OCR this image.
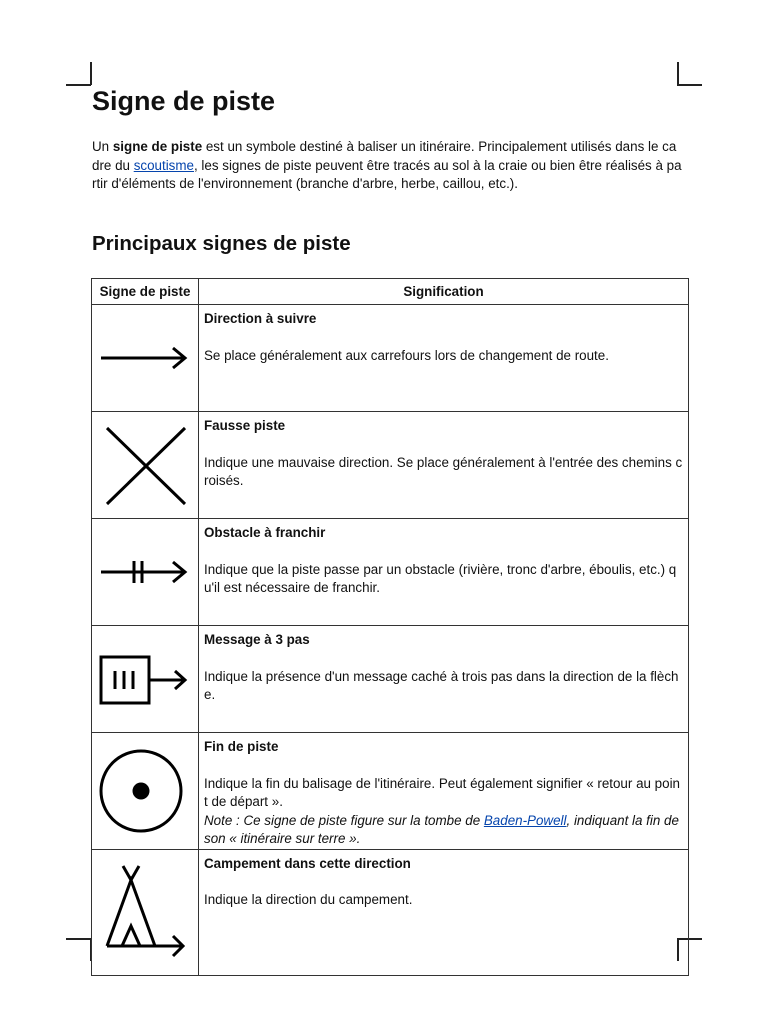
Signe de piste

Un signe de piste est un symbole destiné à baliser un itinéraire. Principalement utilisés dans le cadre du scoutisme, les signes de piste peuvent être tracés au sol à la craie ou bien être réalisés à partir d'éléments de l'environnement (branche d'arbre, herbe, caillou, etc.).

Principaux signes de piste
Signe de piste	Signification

Direction à suivre
Se place généralement aux carrefours lors de changement de route.

Fausse piste
Indique une mauvaise direction. Se place généralement à l'entrée des chemins croisés.

Obstacle à franchir
Indique que la piste passe par un obstacle (rivière, tronc d'arbre, éboulis, etc.) qu'il est nécessaire de franchir.

Message à 3 pas
Indique la présence d'un message caché à trois pas dans la direction de la flèche.

Fin de piste
Indique la fin du balisage de l'itinéraire. Peut également signifier « retour au point de départ ».
Note : Ce signe de piste figure sur la tombe de Baden-Powell, indiquant la fin de son « itinéraire sur terre ».

Campement dans cette direction
Indique la direction du campement.
